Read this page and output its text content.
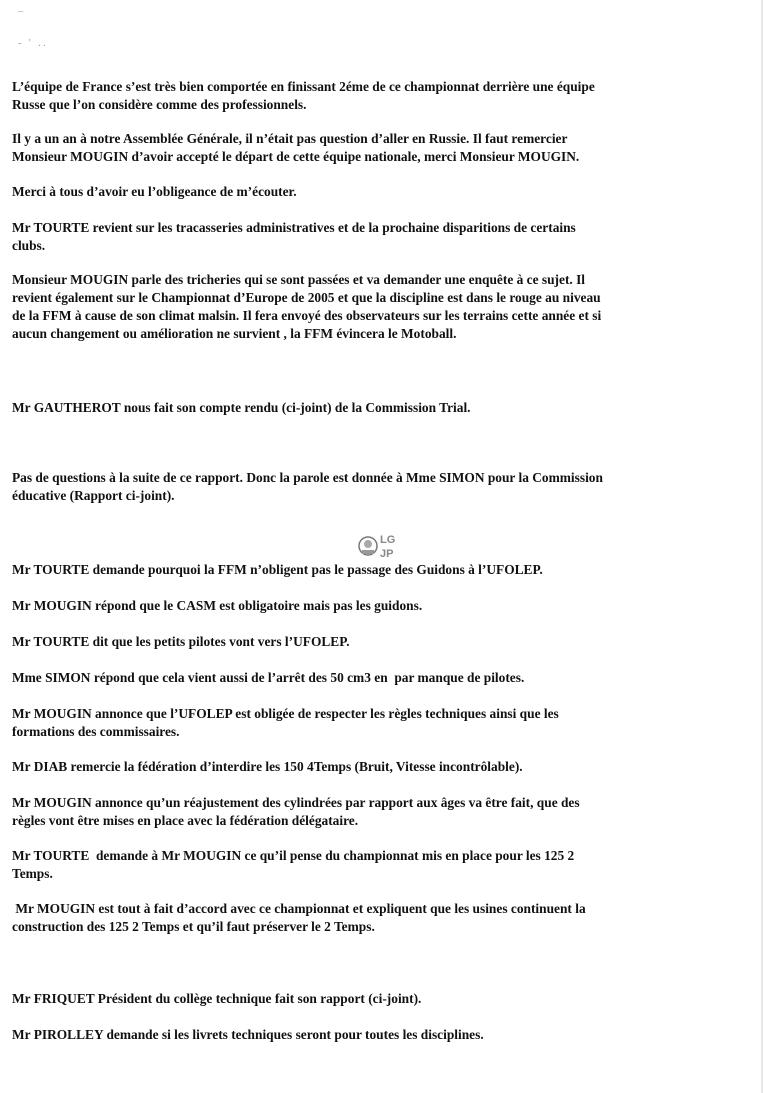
_
-   '   . .

L’équipe de France s’est très bien comportée en finissant 2éme de ce championnat derrière une équipe
Russe que l’on considère comme des professionnels.

Il y a un an à notre Assemblée Générale, il n’était pas question d’aller en Russie. Il faut remercier
Monsieur MOUGIN d’avoir accepté le départ de cette équipe nationale, merci Monsieur MOUGIN.

Merci à tous d’avoir eu l’obligeance de m’écouter.

Mr TOURTE revient sur les tracasseries administratives et de la prochaine disparitions de certains
clubs.

Monsieur MOUGIN parle des tricheries qui se sont passées et va demander une enquête à ce sujet. Il
revient également sur le Championnat d’Europe de 2005 et que la discipline est dans le rouge au niveau
de la FFM à cause de son climat malsin. Il fera envoyé des observateurs sur les terrains cette année et si
aucun changement ou amélioration ne survient , la FFM évincera le Motoball.

Mr GAUTHEROT nous fait son compte rendu (ci-joint) de la Commission Trial.

Pas de questions à la suite de ce rapport. Donc la parole est donnée à Mme SIMON pour la Commission
éducative (Rapport ci-joint).

Mr TOURTE demande pourquoi la FFM n’obligent pas le passage des Guidons à l’UFOLEP.

Mr MOUGIN répond que le CASM est obligatoire mais pas les guidons.

Mr TOURTE dit que les petits pilotes vont vers l’UFOLEP.

Mme SIMON répond que cela vient aussi de l’arrêt des 50 cm3 en  par manque de pilotes.

Mr MOUGIN annonce que l’UFOLEP est obligée de respecter les règles techniques ainsi que les
formations des commissaires.

Mr DIAB remercie la fédération d’interdire les 150 4Temps (Bruit, Vitesse incontrôlable).

Mr MOUGIN annonce qu’un réajustement des cylindrées par rapport aux âges va être fait, que des
règles vont être mises en place avec la fédération délégataire.

Mr TOURTE  demande à Mr MOUGIN ce qu’il pense du championnat mis en place pour les 125 2
Temps.

Mr MOUGIN est tout à fait d’accord avec ce championnat et expliquent que les usines continuent la
construction des 125 2 Temps et qu’il faut préserver le 2 Temps.

Mr FRIQUET Président du collège technique fait son rapport (ci-joint).

Mr PIROLLEY demande si les livrets techniques seront pour toutes les disciplines.

LG
JP
